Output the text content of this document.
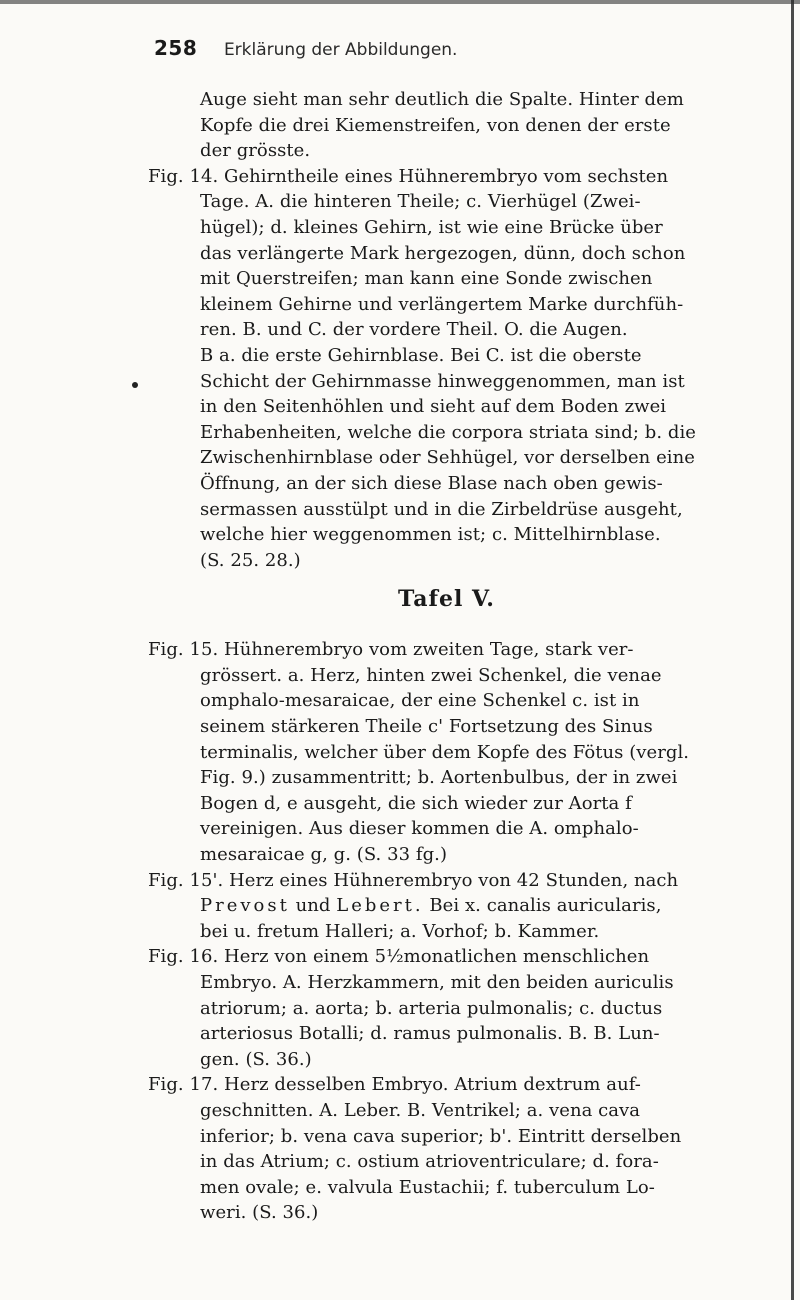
258 Erklärung der Abbildungen.
Auge sieht man sehr deutlich die Spalte. Hinter dem
Kopfe die drei Kiemenstreifen, von denen der erste
der grösste.
Fig. 14. Gehirntheile eines Hühnerembryo vom sechsten
Tage. A. die hinteren Theile; c. Vierhügel (Zwei-
hügel); d. kleines Gehirn, ist wie eine Brücke über
das verlängerte Mark hergezogen, dünn, doch schon
mit Querstreifen; man kann eine Sonde zwischen
kleinem Gehirne und verlängertem Marke durchfüh-
ren. B. und C. der vordere Theil. O. die Augen.
B a. die erste Gehirnblase. Bei C. ist die oberste
Schicht der Gehirnmasse hinweggenommen, man ist
in den Seitenhöhlen und sieht auf dem Boden zwei
Erhabenheiten, welche die corpora striata sind; b. die
Zwischenhirnblase oder Sehhügel, vor derselben eine
Öffnung, an der sich diese Blase nach oben gewis-
sermassen ausstülpt und in die Zirbeldrüse ausgeht,
welche hier weggenommen ist; c. Mittelhirnblase.
(S. 25. 28.)
Tafel V.
Fig. 15. Hühnerembryo vom zweiten Tage, stark ver-
grössert. a. Herz, hinten zwei Schenkel, die venae
omphalo-mesaraicae, der eine Schenkel c. ist in
seinem stärkeren Theile c' Fortsetzung des Sinus
terminalis, welcher über dem Kopfe des Fötus (vergl.
Fig. 9.) zusammentritt; b. Aortenbulbus, der in zwei
Bogen d, e ausgeht, die sich wieder zur Aorta f
vereinigen. Aus dieser kommen die A. omphalo-
mesaraicae g, g. (S. 33 fg.)
Fig. 15'. Herz eines Hühnerembryo von 42 Stunden, nach
Prevost und Lebert. Bei x. canalis auricularis,
bei u. fretum Halleri; a. Vorhof; b. Kammer.
Fig. 16. Herz von einem 5½monatlichen menschlichen
Embryo. A. Herzkammern, mit den beiden auriculis
atriorum; a. aorta; b. arteria pulmonalis; c. ductus
arteriosus Botalli; d. ramus pulmonalis. B. B. Lun-
gen. (S. 36.)
Fig. 17. Herz desselben Embryo. Atrium dextrum auf-
geschnitten. A. Leber. B. Ventrikel; a. vena cava
inferior; b. vena cava superior; b'. Eintritt derselben
in das Atrium; c. ostium atrioventriculare; d. fora-
men ovale; e. valvula Eustachii; f. tuberculum Lo-
weri. (S. 36.)
